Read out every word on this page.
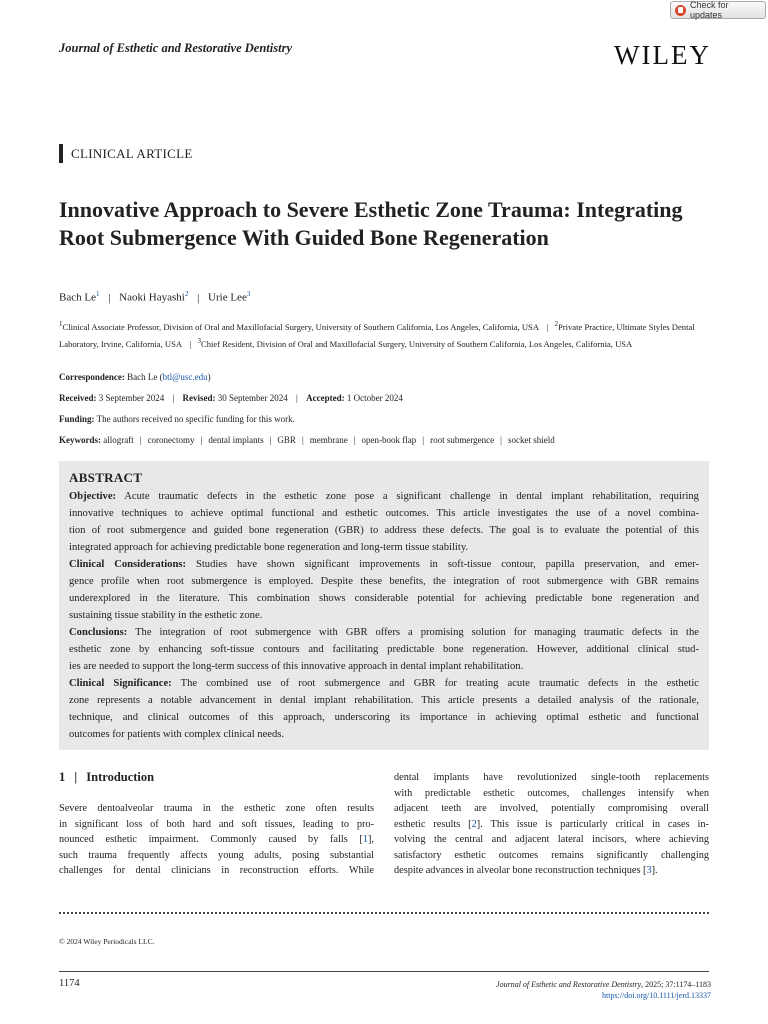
Check for updates
Journal of Esthetic and Restorative Dentistry	WILEY
CLINICAL ARTICLE
Innovative Approach to Severe Esthetic Zone Trauma: Integrating Root Submergence With Guided Bone Regeneration
Bach Le$^1$ | Naoki Hayashi$^2$ | Urie Lee$^3$
$^1$Clinical Associate Professor, Division of Oral and Maxillofacial Surgery, University of Southern California, Los Angeles, California, USA | $^2$Private Practice, Ultimate Styles Dental Laboratory, Irvine, California, USA | $^3$Chief Resident, Division of Oral and Maxillofacial Surgery, University of Southern California, Los Angeles, California, USA
Correspondence: Bach Le (btl@usc.edu)
Received: 3 September 2024 | Revised: 30 September 2024 | Accepted: 1 October 2024
Funding: The authors received no specific funding for this work.
Keywords: allograft | coronectomy | dental implants | GBR | membrane | open-book flap | root submergence | socket shield
ABSTRACT
Objective: Acute traumatic defects in the esthetic zone pose a significant challenge in dental implant rehabilitation, requiring
innovative techniques to achieve optimal functional and esthetic outcomes. This article investigates the use of a novel combina-
tion of root submergence and guided bone regeneration (GBR) to address these defects. The goal is to evaluate the potential of this
integrated approach for achieving predictable bone regeneration and long-term tissue stability.
Clinical Considerations: Studies have shown significant improvements in soft-tissue contour, papilla preservation, and emer-
gence profile when root submergence is employed. Despite these benefits, the integration of root submergence with GBR remains
underexplored in the literature. This combination shows considerable potential for achieving predictable bone regeneration and
sustaining tissue stability in the esthetic zone.
Conclusions: The integration of root submergence with GBR offers a promising solution for managing traumatic defects in the
esthetic zone by enhancing soft-tissue contours and facilitating predictable bone regeneration. However, additional clinical stud-
ies are needed to support the long-term success of this innovative approach in dental implant rehabilitation.
Clinical Significance: The combined use of root submergence and GBR for treating acute traumatic defects in the esthetic
zone represents a notable advancement in dental implant rehabilitation. This article presents a detailed analysis of the rationale,
technique, and clinical outcomes of this approach, underscoring its importance in achieving optimal esthetic and functional
outcomes for patients with complex clinical needs.
1 | Introduction
Severe dentoalveolar trauma in the esthetic zone often results
in significant loss of both hard and soft tissues, leading to pro-
nounced esthetic impairment. Commonly caused by falls [1],
such trauma frequently affects young adults, posing substantial
challenges for dental clinicians in reconstruction efforts. While
dental implants have revolutionized single-tooth replacements
with predictable esthetic outcomes, challenges intensify when
adjacent teeth are involved, potentially compromising overall
esthetic results [2]. This issue is particularly critical in cases in-
volving the central and adjacent lateral incisors, where achieving
satisfactory esthetic outcomes remains significantly challenging
despite advances in alveolar bone reconstruction techniques [3].
© 2024 Wiley Periodicals LLC.
1174	Journal of Esthetic and Restorative Dentistry, 2025; 37:1174–1183
https://doi.org/10.1111/jerd.13337
